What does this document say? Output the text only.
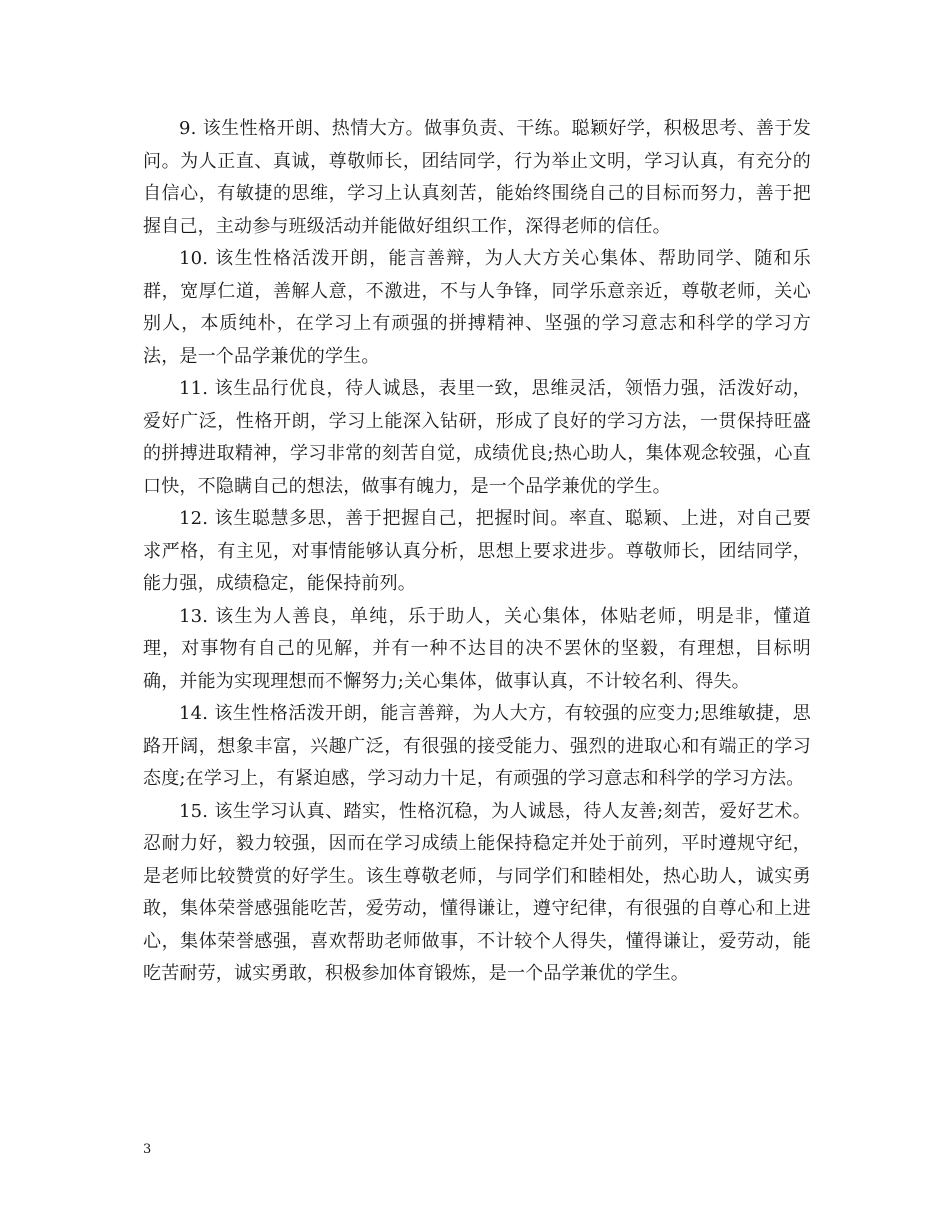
9. 该生性格开朗、热情大方。做事负责、干练。聪颖好学，积极思考、善于发问。为人正直、真诚，尊敬师长，团结同学，行为举止文明，学习认真，有充分的自信心，有敏捷的思维，学习上认真刻苦，能始终围绕自己的目标而努力，善于把握自己，主动参与班级活动并能做好组织工作，深得老师的信任。

10. 该生性格活泼开朗，能言善辩，为人大方关心集体、帮助同学、随和乐群，宽厚仁道，善解人意，不激进，不与人争锋，同学乐意亲近，尊敬老师，关心别人，本质纯朴，在学习上有顽强的拼搏精神、坚强的学习意志和科学的学习方法，是一个品学兼优的学生。

11. 该生品行优良，待人诚恳，表里一致，思维灵活，领悟力强，活泼好动，爱好广泛，性格开朗，学习上能深入钻研，形成了良好的学习方法，一贯保持旺盛的拼搏进取精神，学习非常的刻苦自觉，成绩优良;热心助人，集体观念较强，心直口快，不隐瞒自己的想法，做事有魄力，是一个品学兼优的学生。

12. 该生聪慧多思，善于把握自己，把握时间。率直、聪颖、上进，对自己要求严格，有主见，对事情能够认真分析，思想上要求进步。尊敬师长，团结同学，能力强，成绩稳定，能保持前列。

13. 该生为人善良，单纯，乐于助人，关心集体，体贴老师，明是非，懂道理，对事物有自己的见解，并有一种不达目的决不罢休的坚毅，有理想，目标明确，并能为实现理想而不懈努力;关心集体，做事认真，不计较名利、得失。

14. 该生性格活泼开朗，能言善辩，为人大方，有较强的应变力;思维敏捷，思路开阔，想象丰富，兴趣广泛，有很强的接受能力、强烈的进取心和有端正的学习态度;在学习上，有紧迫感，学习动力十足，有顽强的学习意志和科学的学习方法。

15. 该生学习认真、踏实，性格沉稳，为人诚恳，待人友善;刻苦，爱好艺术。忍耐力好，毅力较强，因而在学习成绩上能保持稳定并处于前列，平时遵规守纪，是老师比较赞赏的好学生。该生尊敬老师，与同学们和睦相处，热心助人，诚实勇敢，集体荣誉感强能吃苦，爱劳动，懂得谦让，遵守纪律，有很强的自尊心和上进心，集体荣誉感强，喜欢帮助老师做事，不计较个人得失，懂得谦让，爱劳动，能吃苦耐劳，诚实勇敢，积极参加体育锻炼，是一个品学兼优的学生。

3
